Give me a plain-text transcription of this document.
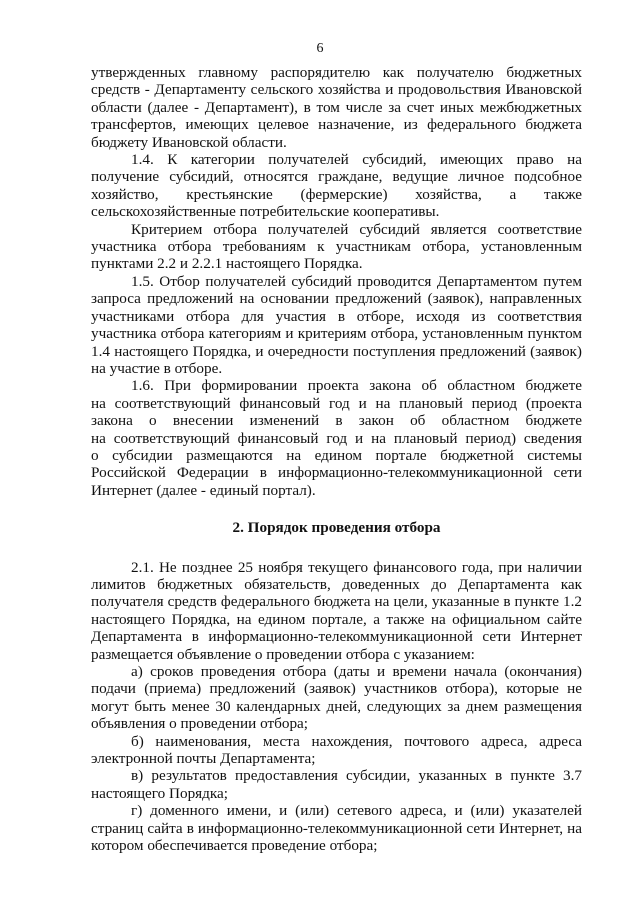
6
утвержденных главному распорядителю как получателю бюджетных
средств - Департаменту сельского хозяйства и продовольствия Ивановской
области (далее - Департамент), в том числе за счет иных межбюджетных
трансфертов, имеющих целевое назначение, из федерального бюджета
бюджету Ивановской области.
1.4. К категории получателей субсидий, имеющих право на
получение субсидий, относятся граждане, ведущие личное подсобное
хозяйство, крестьянские (фермерские) хозяйства, а также
сельскохозяйственные потребительские кооперативы.
Критерием отбора получателей субсидий является соответствие
участника отбора требованиям к участникам отбора, установленным
пунктами 2.2 и 2.2.1 настоящего Порядка.
1.5. Отбор получателей субсидий проводится Департаментом путем
запроса предложений на основании предложений (заявок), направленных
участниками отбора для участия в отборе, исходя из соответствия
участника отбора категориям и критериям отбора, установленным пунктом
1.4 настоящего Порядка, и очередности поступления предложений (заявок)
на участие в отборе.
1.6. При формировании проекта закона об областном бюджете
на соответствующий финансовый год и на плановый период (проекта
закона о внесении изменений в закон об областном бюджете
на соответствующий финансовый год и на плановый период) сведения
о субсидии размещаются на едином портале бюджетной системы
Российской Федерации в информационно-телекоммуникационной сети
Интернет (далее - единый портал).
2. Порядок проведения отбора
2.1. Не позднее 25 ноября текущего финансового года, при наличии
лимитов бюджетных обязательств, доведенных до Департамента как
получателя средств федерального бюджета на цели, указанные в пункте 1.2
настоящего Порядка, на едином портале, а также на официальном сайте
Департамента в информационно-телекоммуникационной сети Интернет
размещается объявление о проведении отбора с указанием:
а) сроков проведения отбора (даты и времени начала (окончания)
подачи (приема) предложений (заявок) участников отбора), которые не
могут быть менее 30 календарных дней, следующих за днем размещения
объявления о проведении отбора;
б) наименования, места нахождения, почтового адреса, адреса
электронной почты Департамента;
в) результатов предоставления субсидии, указанных в пункте 3.7
настоящего Порядка;
г) доменного имени, и (или) сетевого адреса, и (или) указателей
страниц сайта в информационно-телекоммуникационной сети Интернет, на
котором обеспечивается проведение отбора;
